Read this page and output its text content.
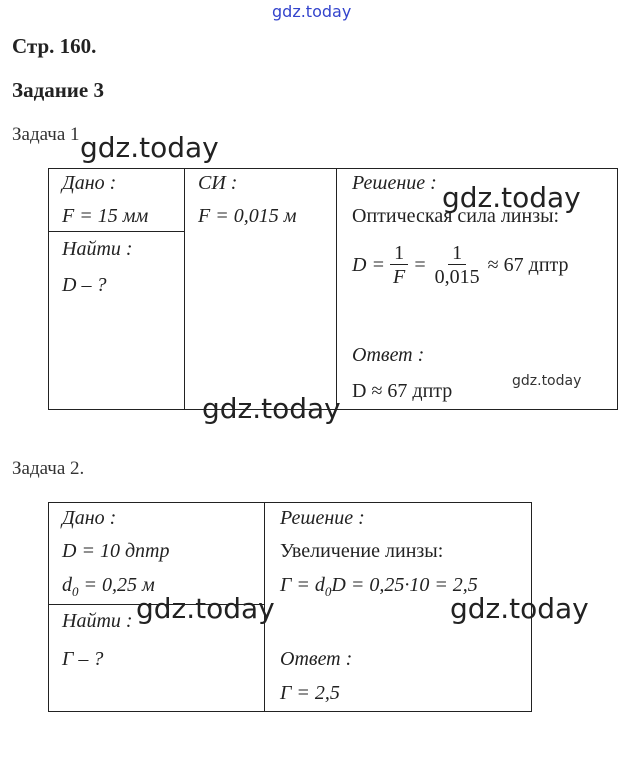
gdz.today
Стр. 160.
Задание 3
Задача 1
Дано :
F = 15 мм
Найти :
D – ?
СИ :
F = 0,015 м
Решение :
Оптическая сила линзы:
$D = \frac{1}{F} = \frac{1}{0,015} \approx 67$ дптр
Ответ :
D ≈ 67 дптр
Задача 2.
Дано :
D = 10 дптр
$d_0 = 0,25$ м
Найти :
Г – ?
Решение :
Увеличение линзы:
$Г = d_0D = 0,25\cdot 10 = 2,5$
Ответ :
Г = 2,5
gdz.today
gdz.today
gdz.today
gdz.today
gdz.today	gdz.today
